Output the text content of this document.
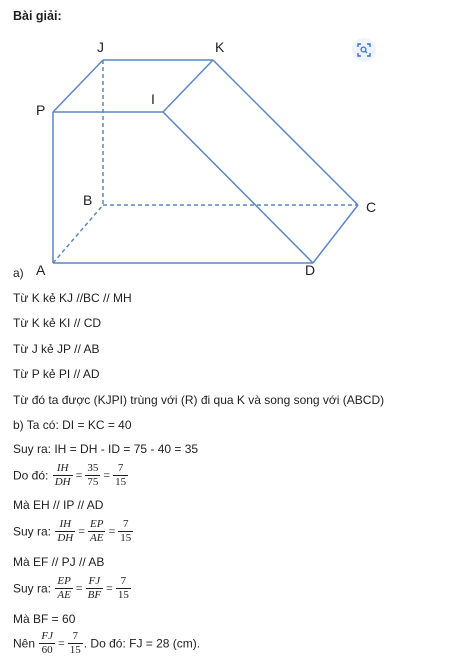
Bài giải:
J	K
P
I
B	C
A	D
a)
Từ K kẻ KJ //BC // MH
Từ K kẻ KI // CD
Từ J kẻ JP // AB
Từ P kẻ PI // AD
Từ đó ta được (KJPI) trùng với (R) đi qua K và song song với (ABCD)
b) Ta có: DI = KC = 40
Suy ra: IH = DH - ID = 75 - 40 = 35
Do đó: $\frac{IH}{DH} = \frac{35}{75} = \frac{7}{15}$
Mà EH // IP // AD
Suy ra: $\frac{IH}{DH} = \frac{EP}{AE} = \frac{7}{15}$
Mà EF // PJ // AB
Suy ra: $\frac{EP}{AE} = \frac{FJ}{BF} = \frac{7}{15}$
Mà BF = 60
Nên $\frac{FJ}{60} = \frac{7}{15}$ . Do đó: FJ = 28 (cm).
